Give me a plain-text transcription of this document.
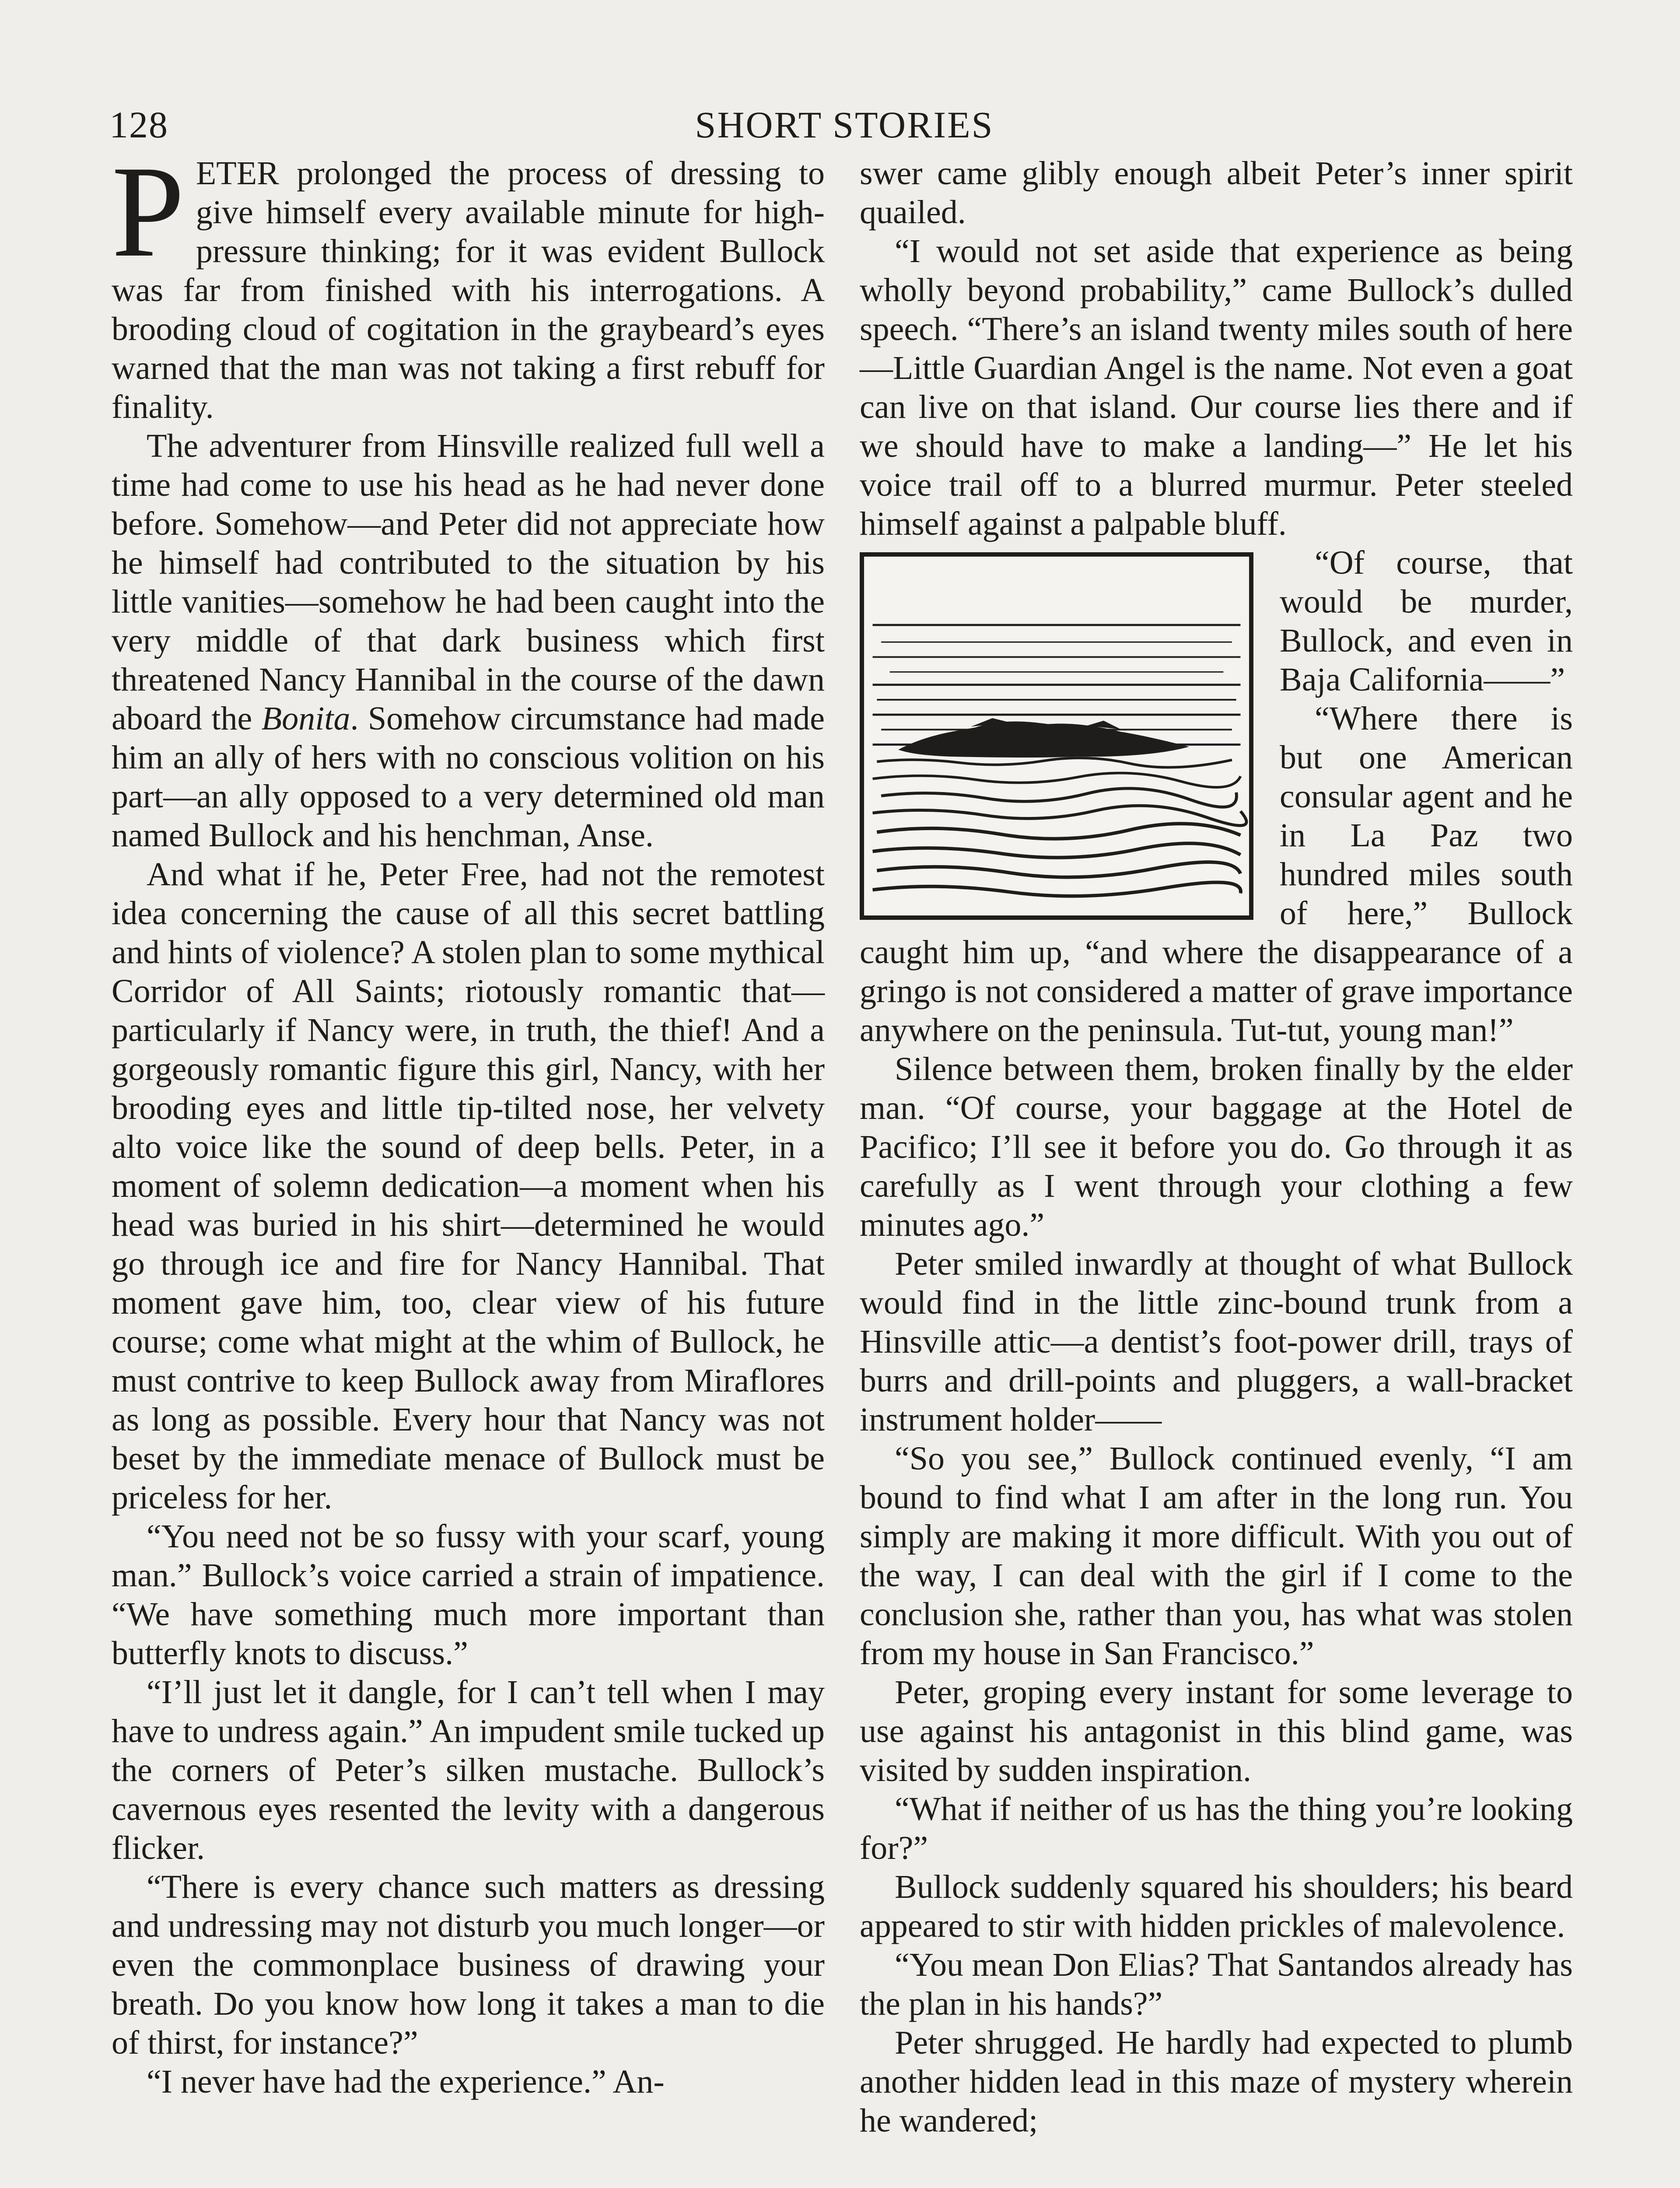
128	SHORT STORIES

PETER prolonged the process of dressing to give himself every available minute for high-pressure thinking; for it was evident Bullock was far from finished with his interrogations. A brooding cloud of cogitation in the graybeard’s eyes warned that the man was not taking a first rebuff for finality.

The adventurer from Hinsville realized full well a time had come to use his head as he had never done before. Somehow—and Peter did not appreciate how he himself had contributed to the situation by his little vanities—somehow he had been caught into the very middle of that dark business which first threatened Nancy Hannibal in the course of the dawn aboard the Bonita. Somehow circumstance had made him an ally of hers with no conscious volition on his part—an ally opposed to a very determined old man named Bullock and his henchman, Anse.

And what if he, Peter Free, had not the remotest idea concerning the cause of all this secret battling and hints of violence? A stolen plan to some mythical Corridor of All Saints; riotously romantic that—particularly if Nancy were, in truth, the thief! And a gorgeously romantic figure this girl, Nancy, with her brooding eyes and little tip-tilted nose, her velvety alto voice like the sound of deep bells. Peter, in a moment of solemn dedication—a moment when his head was buried in his shirt—determined he would go through ice and fire for Nancy Hannibal. That moment gave him, too, clear view of his future course; come what might at the whim of Bullock, he must contrive to keep Bullock away from Miraflores as long as possible. Every hour that Nancy was not beset by the immediate menace of Bullock must be priceless for her.

“You need not be so fussy with your scarf, young man.” Bullock’s voice carried a strain of impatience. “We have something much more important than butterfly knots to discuss.”

“I’ll just let it dangle, for I can’t tell when I may have to undress again.” An impudent smile tucked up the corners of Peter’s silken mustache. Bullock’s cavernous eyes resented the levity with a dangerous flicker.

“There is every chance such matters as dressing and undressing may not disturb you much longer—or even the commonplace business of drawing your breath. Do you know how long it takes a man to die of thirst, for instance?”

“I never have had the experience.” An-

swer came glibly enough albeit Peter’s inner spirit quailed.

“I would not set aside that experience as being wholly beyond probability,” came Bullock’s dulled speech. “There’s an island twenty miles south of here—Little Guardian Angel is the name. Not even a goat can live on that island. Our course lies there and if we should have to make a landing—” He let his voice trail off to a blurred murmur. Peter steeled himself against a palpable bluff.

“Of course, that would be murder, Bullock, and even in Baja California——”

“Where there is but one American consular agent and he in La Paz two hundred miles south of here,” Bullock caught him up, “and where the disappearance of a gringo is not considered a matter of grave importance anywhere on the peninsula. Tut-tut, young man!”

Silence between them, broken finally by the elder man. “Of course, your baggage at the Hotel de Pacifico; I’ll see it before you do. Go through it as carefully as I went through your clothing a few minutes ago.”

Peter smiled inwardly at thought of what Bullock would find in the little zinc-bound trunk from a Hinsville attic—a dentist’s foot-power drill, trays of burrs and drill-points and pluggers, a wall-bracket instrument holder——

“So you see,” Bullock continued evenly, “I am bound to find what I am after in the long run. You simply are making it more difficult. With you out of the way, I can deal with the girl if I come to the conclusion she, rather than you, has what was stolen from my house in San Francisco.”

Peter, groping every instant for some leverage to use against his antagonist in this blind game, was visited by sudden inspiration.

“What if neither of us has the thing you’re looking for?”

Bullock suddenly squared his shoulders; his beard appeared to stir with hidden prickles of malevolence.

“You mean Don Elias? That Santandos already has the plan in his hands?”

Peter shrugged. He hardly had expected to plumb another hidden lead in this maze of mystery wherein he wandered;
